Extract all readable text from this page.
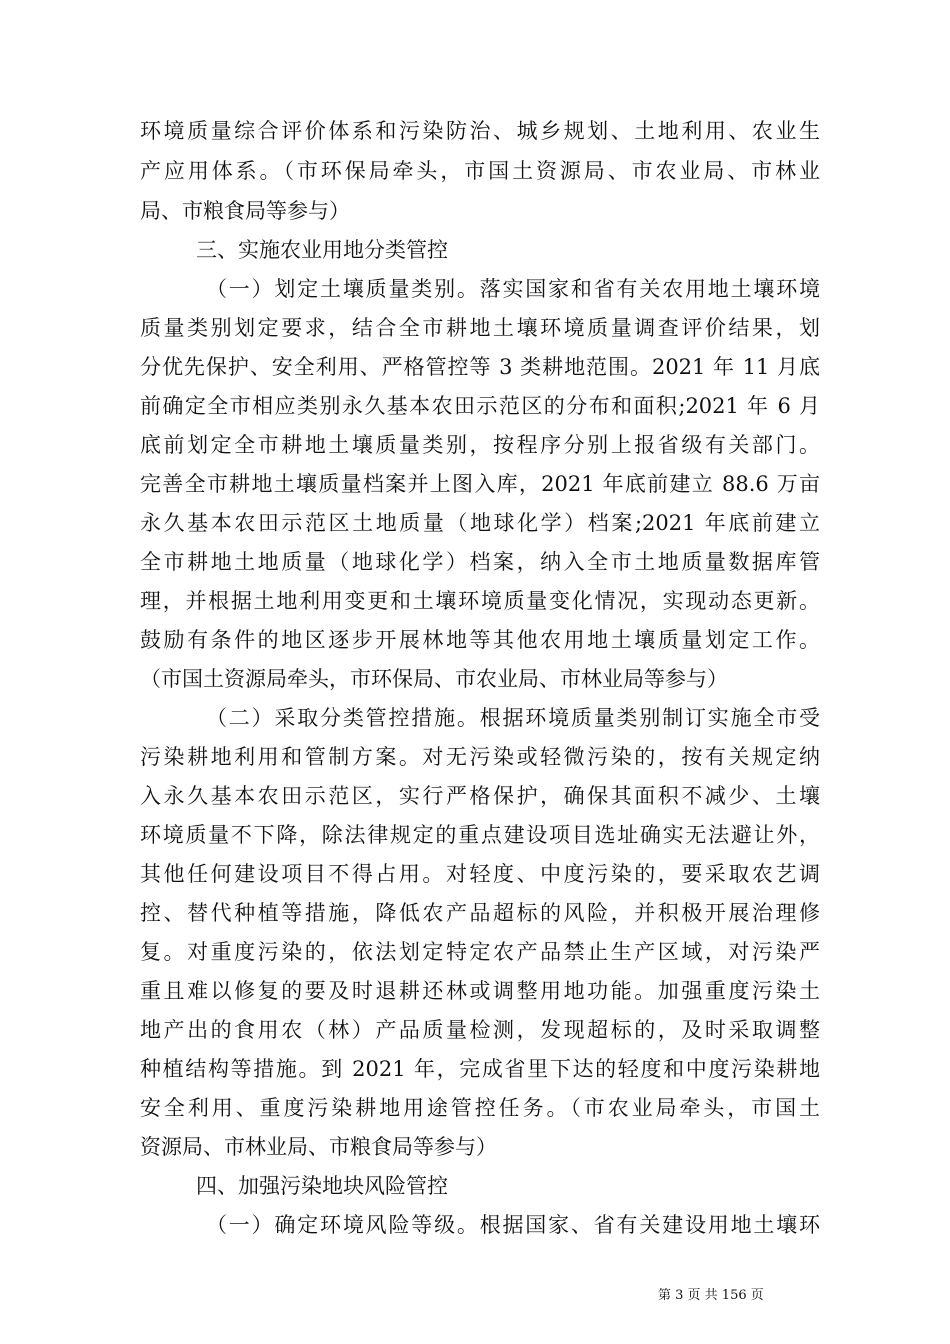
环境质量综合评价体系和污染防治、城乡规划、土地利用、农业生
产应用体系。（市环保局牵头，市国土资源局、市农业局、市林业
局、市粮食局等参与）
三、实施农业用地分类管控
（一）划定土壤质量类别。落实国家和省有关农用地土壤环境
质量类别划定要求，结合全市耕地土壤环境质量调查评价结果，划
分优先保护、安全利用、严格管控等 3 类耕地范围。2021 年 11 月底
前确定全市相应类别永久基本农田示范区的分布和面积;2021 年 6 月
底前划定全市耕地土壤质量类别，按程序分别上报省级有关部门。
完善全市耕地土壤质量档案并上图入库，2021 年底前建立 88.6 万亩
永久基本农田示范区土地质量（地球化学）档案;2021 年底前建立
全市耕地土地质量（地球化学）档案，纳入全市土地质量数据库管
理，并根据土地利用变更和土壤环境质量变化情况，实现动态更新。
鼓励有条件的地区逐步开展林地等其他农用地土壤质量划定工作。
（市国土资源局牵头，市环保局、市农业局、市林业局等参与）
（二）采取分类管控措施。根据环境质量类别制订实施全市受
污染耕地利用和管制方案。对无污染或轻微污染的，按有关规定纳
入永久基本农田示范区，实行严格保护，确保其面积不减少、土壤
环境质量不下降，除法律规定的重点建设项目选址确实无法避让外，
其他任何建设项目不得占用。对轻度、中度污染的，要采取农艺调
控、替代种植等措施，降低农产品超标的风险，并积极开展治理修
复。对重度污染的，依法划定特定农产品禁止生产区域，对污染严
重且难以修复的要及时退耕还林或调整用地功能。加强重度污染土
地产出的食用农（林）产品质量检测，发现超标的，及时采取调整
种植结构等措施。到 2021 年，完成省里下达的轻度和中度污染耕地
安全利用、重度污染耕地用途管控任务。（市农业局牵头，市国土
资源局、市林业局、市粮食局等参与）
四、加强污染地块风险管控
（一）确定环境风险等级。根据国家、省有关建设用地土壤环
第 3 页 共 156 页
